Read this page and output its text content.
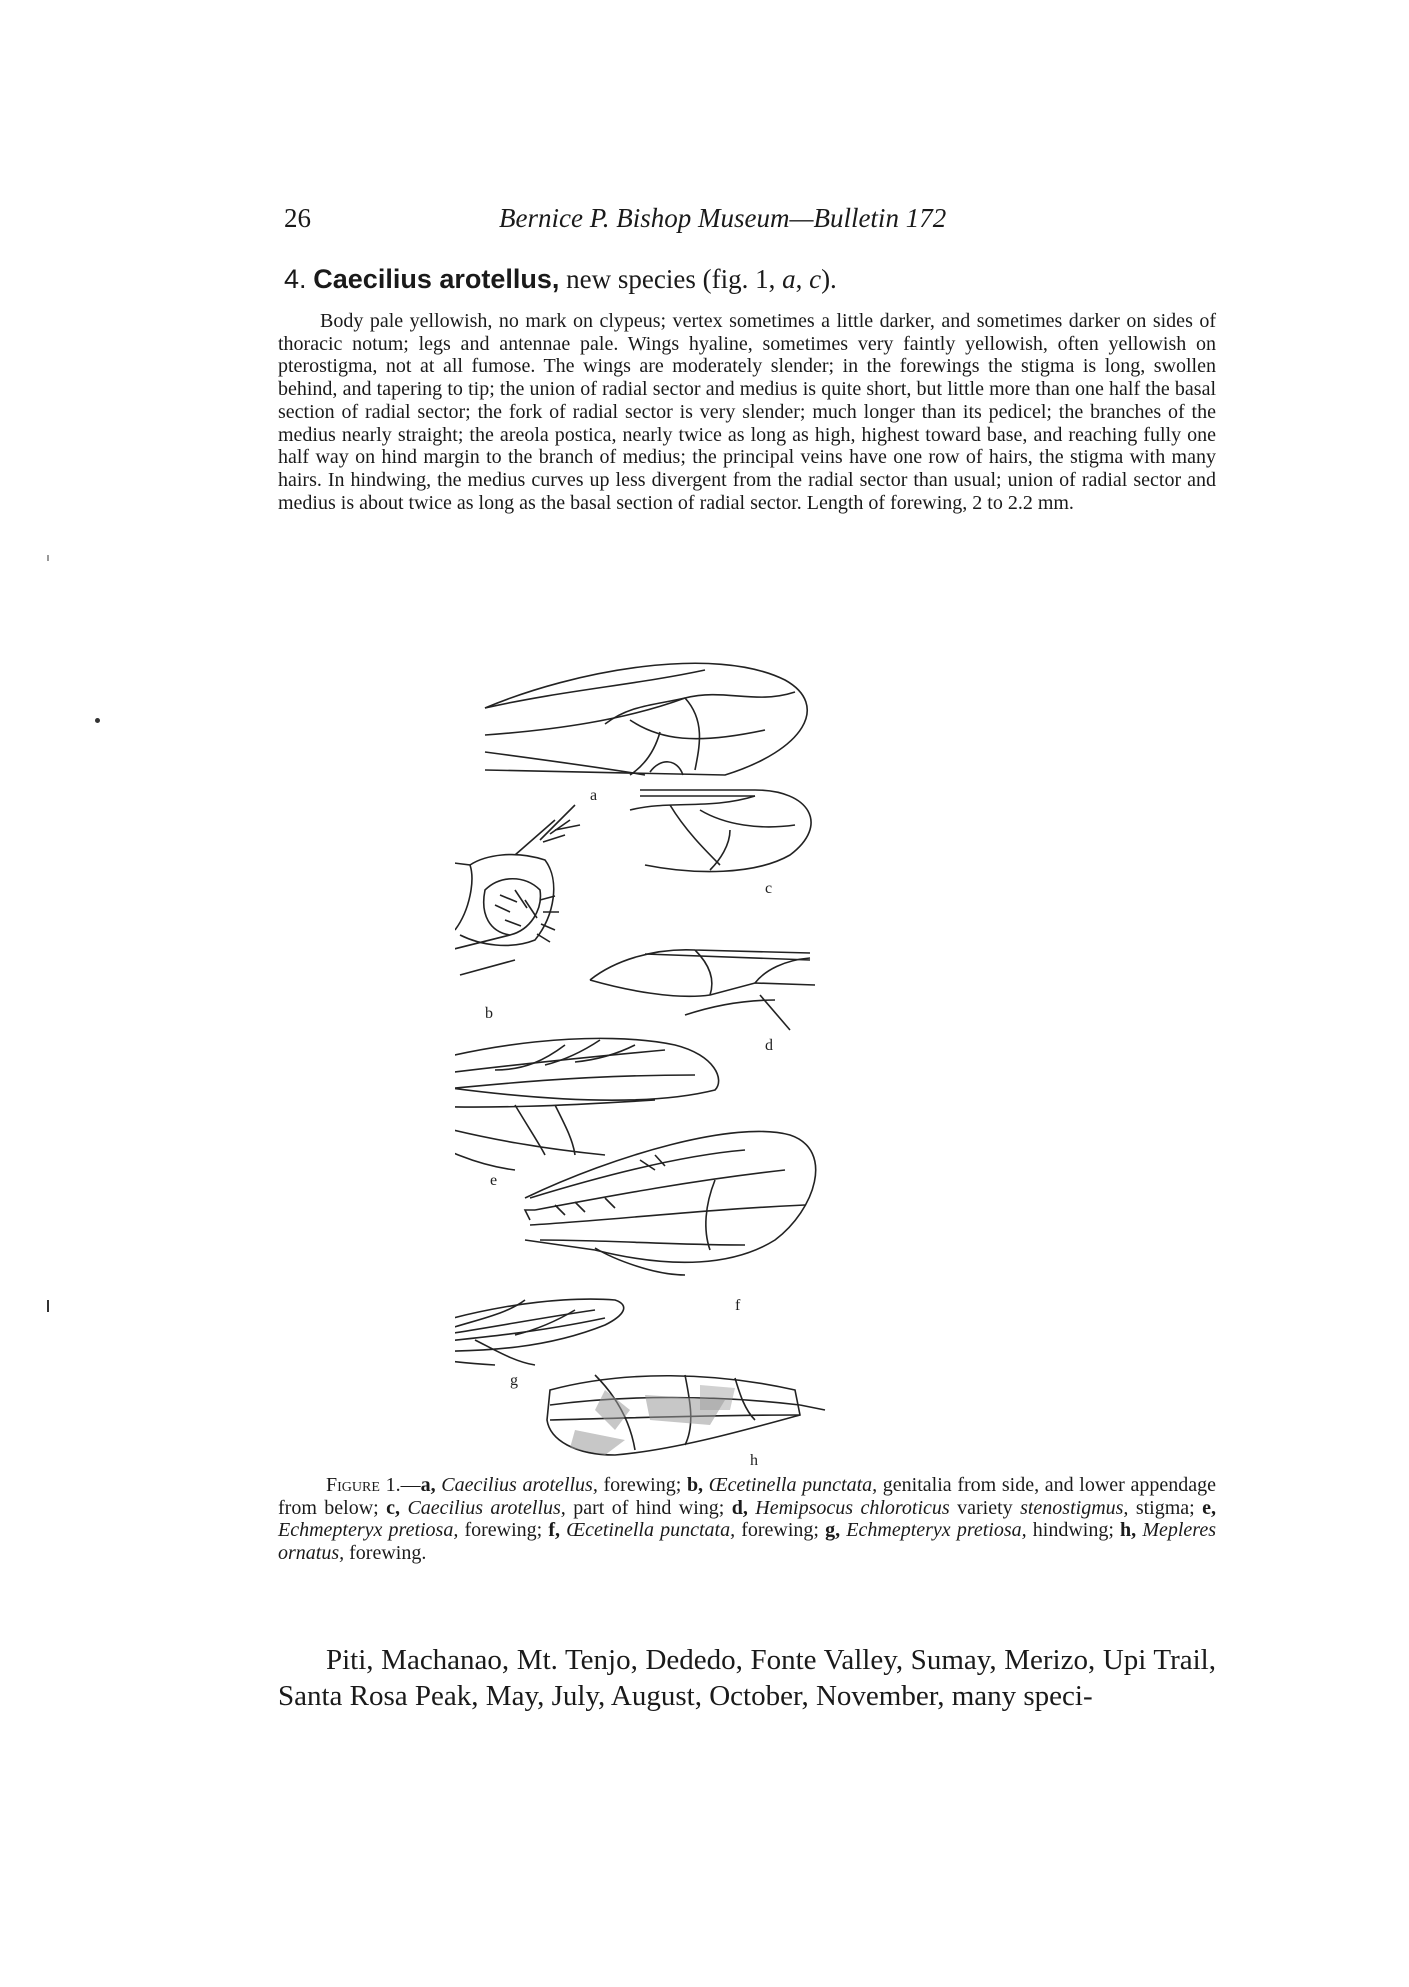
26	Bernice P. Bishop Museum—Bulletin 172
4. Caecilius arotellus, new species (fig. 1, a, c).

Body pale yellowish, no mark on clypeus; vertex sometimes a little darker, and sometimes darker on sides of thoracic notum; legs and antennae pale. Wings hyaline, sometimes very faintly yellowish, often yellowish on pterostigma, not at all fumose. The wings are moderately slender; in the forewings the stigma is long, swollen behind, and tapering to tip; the union of radial sector and medius is quite short, but little more than one half the basal section of radial sector; the fork of radial sector is very slender; much longer than its pedicel; the branches of the medius nearly straight; the areola postica, nearly twice as long as high, highest toward base, and reaching fully one half way on hind margin to the branch of medius; the principal veins have one row of hairs, the stigma with many hairs. In hindwing, the medius curves up less divergent from the radial sector than usual; union of radial sector and medius is about twice as long as the basal section of radial sector. Length of forewing, 2 to 2.2 mm.

a
c
b
d
e
f
g
h

Figure 1.—a, Caecilius arotellus, forewing; b, Œcetinella punctata, genitalia from side, and lower appendage from below; c, Caecilius arotellus, part of hind wing; d, Hemipsocus chloroticus variety stenostigmus, stigma; e, Echmepteryx pretiosa, forewing; f, Œcetinella punctata, forewing; g, Echmepteryx pretiosa, hindwing; h, Mepleres ornatus, forewing.

Piti, Machanao, Mt. Tenjo, Dededo, Fonte Valley, Sumay, Merizo, Upi Trail, Santa Rosa Peak, May, July, August, October, November, many speci-
